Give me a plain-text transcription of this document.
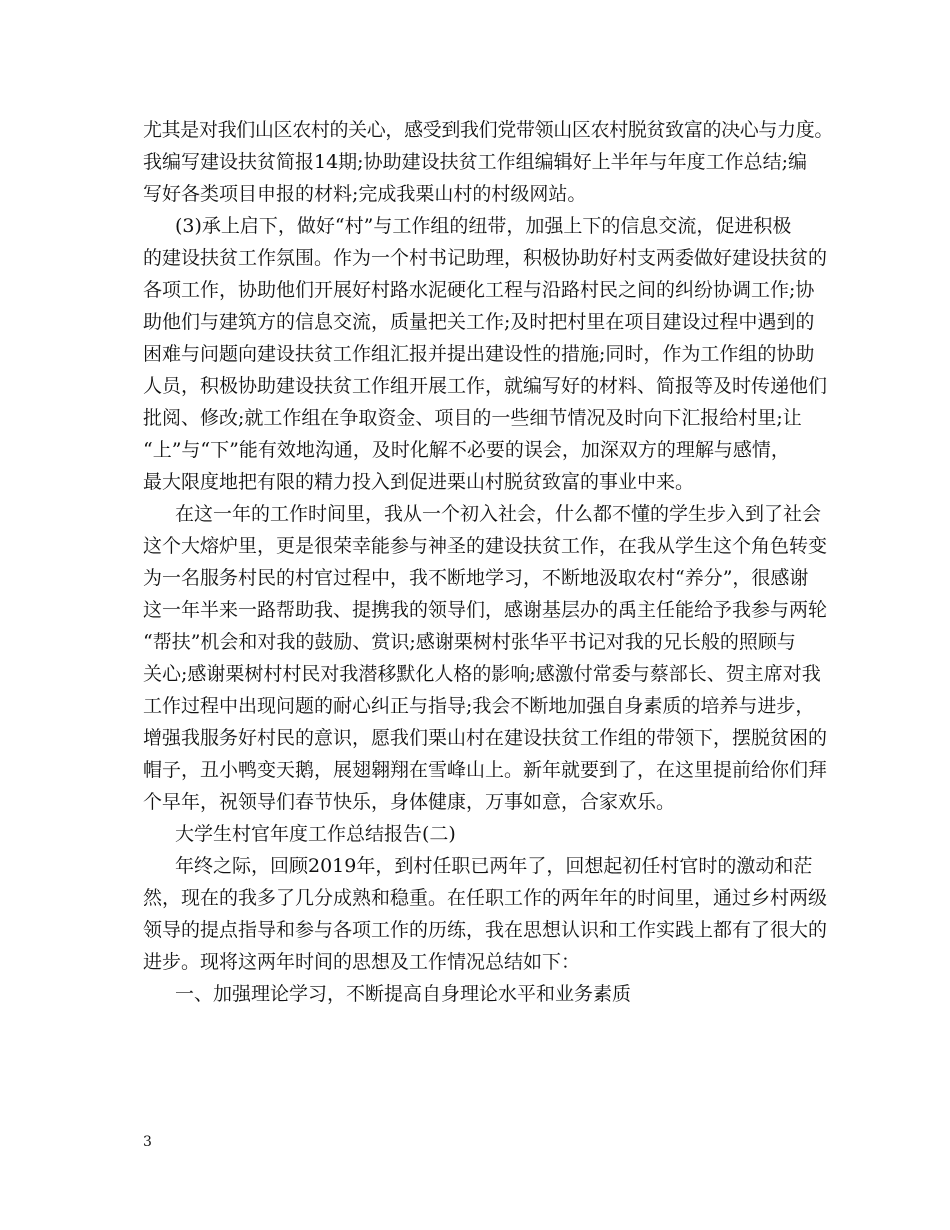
尤其是对我们山区农村的关心，感受到我们党带领山区农村脱贫致富的决心与力度。
我编写建设扶贫简报14期;协助建设扶贫工作组编辑好上半年与年度工作总结;编
写好各类项目申报的材料;完成我栗山村的村级网站。
(3)承上启下，做好“村”与工作组的纽带，加强上下的信息交流，促进积极
的建设扶贫工作氛围。作为一个村书记助理，积极协助好村支两委做好建设扶贫的
各项工作，协助他们开展好村路水泥硬化工程与沿路村民之间的纠纷协调工作;协
助他们与建筑方的信息交流，质量把关工作;及时把村里在项目建设过程中遇到的
困难与问题向建设扶贫工作组汇报并提出建设性的措施;同时，作为工作组的协助
人员，积极协助建设扶贫工作组开展工作，就编写好的材料、简报等及时传递他们
批阅、修改;就工作组在争取资金、项目的一些细节情况及时向下汇报给村里;让
“上”与“下”能有效地沟通，及时化解不必要的误会，加深双方的理解与感情，
最大限度地把有限的精力投入到促进栗山村脱贫致富的事业中来。
在这一年的工作时间里，我从一个初入社会，什么都不懂的学生步入到了社会
这个大熔炉里，更是很荣幸能参与神圣的建设扶贫工作，在我从学生这个角色转变
为一名服务村民的村官过程中，我不断地学习，不断地汲取农村“养分”，很感谢
这一年半来一路帮助我、提携我的领导们，感谢基层办的禹主任能给予我参与两轮
“帮扶”机会和对我的鼓励、赏识;感谢栗树村张华平书记对我的兄长般的照顾与
关心;感谢栗树村村民对我潜移默化人格的影响;感激付常委与蔡部长、贺主席对我
工作过程中出现问题的耐心纠正与指导;我会不断地加强自身素质的培养与进步，
增强我服务好村民的意识，愿我们栗山村在建设扶贫工作组的带领下，摆脱贫困的
帽子，丑小鸭变天鹅，展翅翱翔在雪峰山上。新年就要到了，在这里提前给你们拜
个早年，祝领导们春节快乐，身体健康，万事如意，合家欢乐。
大学生村官年度工作总结报告(二)
年终之际，回顾2019年，到村任职已两年了，回想起初任村官时的激动和茫
然，现在的我多了几分成熟和稳重。在任职工作的两年年的时间里，通过乡村两级
领导的提点指导和参与各项工作的历练，我在思想认识和工作实践上都有了很大的
进步。现将这两年时间的思想及工作情况总结如下：
一、加强理论学习，不断提高自身理论水平和业务素质
3
